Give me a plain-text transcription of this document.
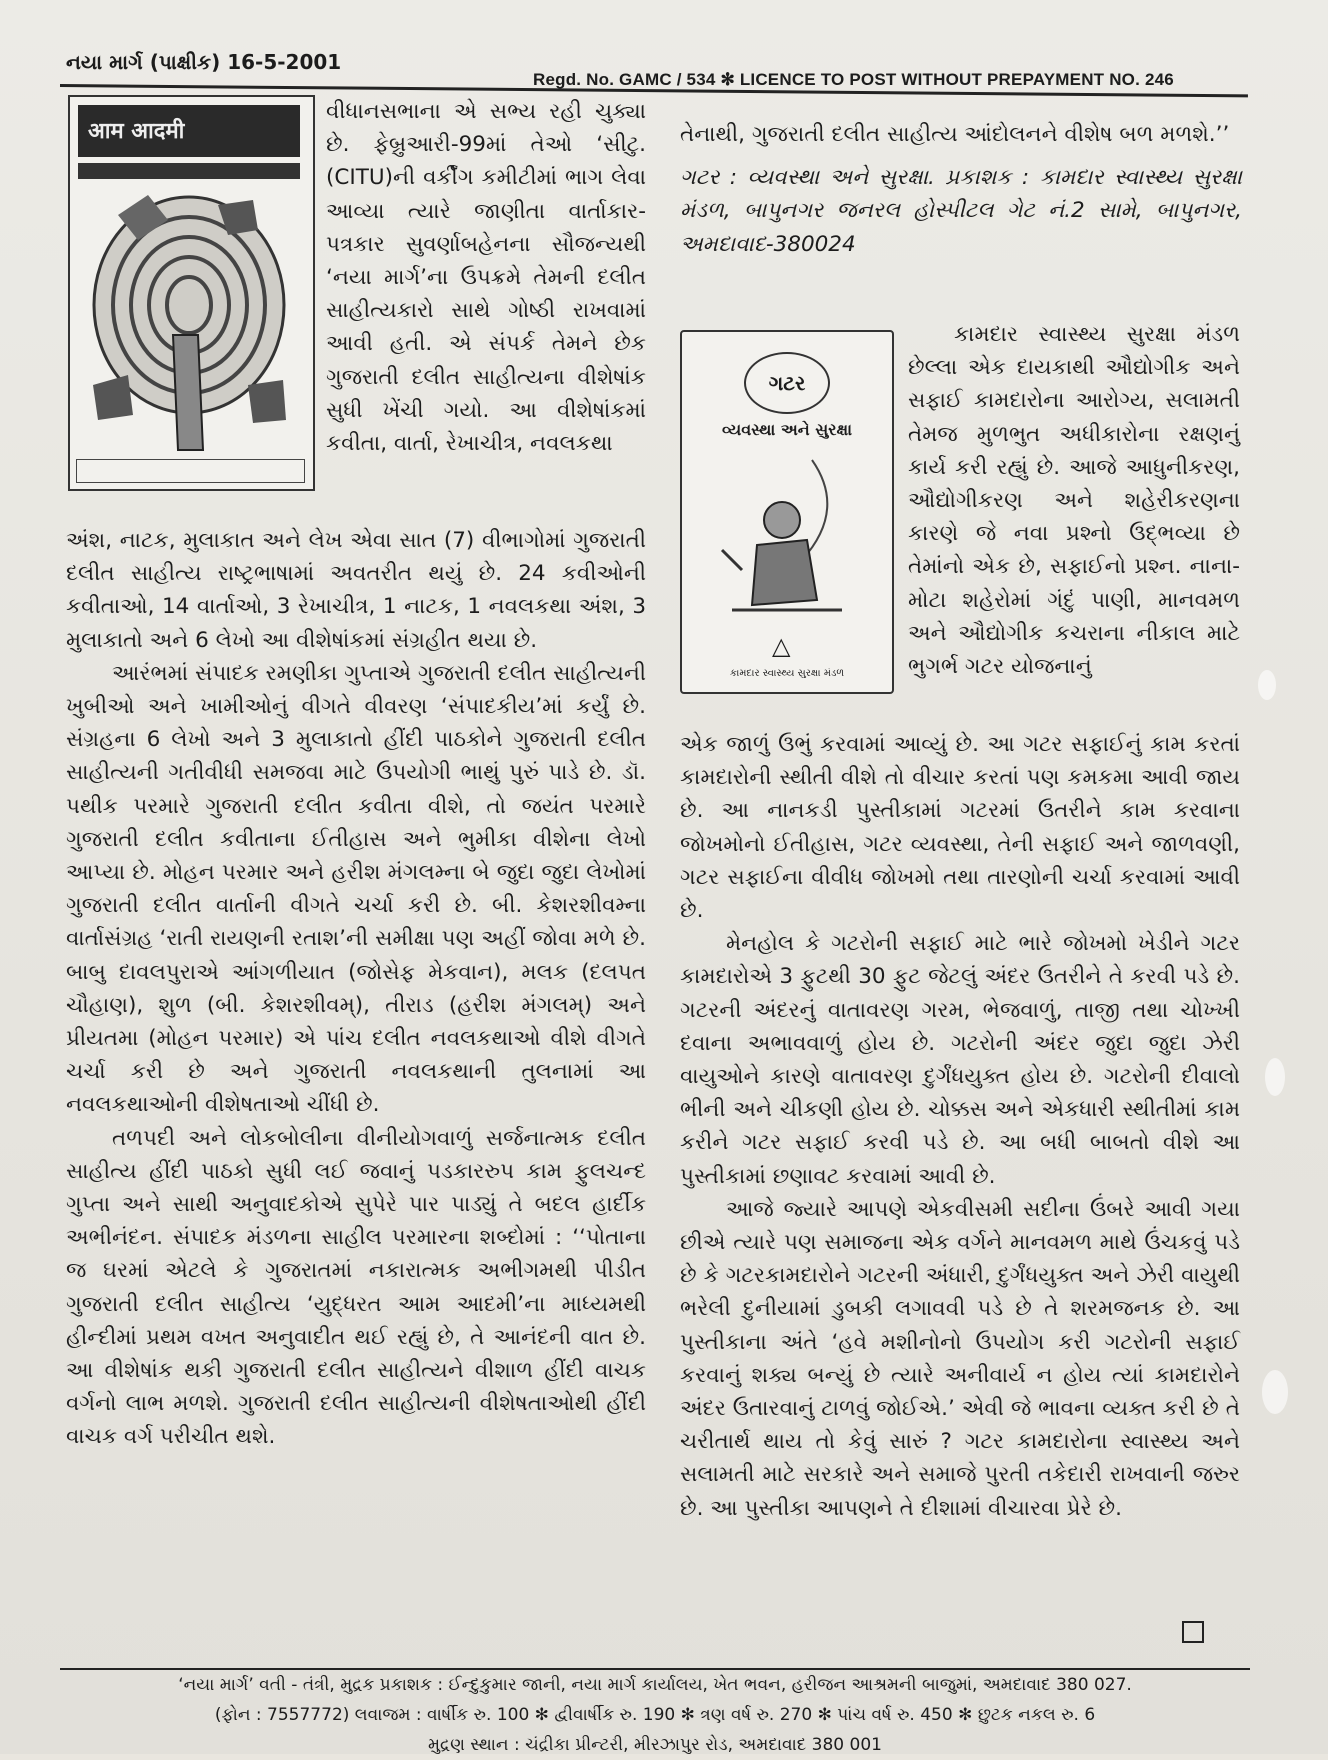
નયા માર્ગ (પાક્ષીક) 16-5-2001
Regd. No. GAMC / 534 ✻ LICENCE TO POST WITHOUT PREPAYMENT NO. 246
आम आदमी

વીધાનસભાના એ સભ્ય રહી ચુક્યા છે. ફેબ્રુઆરી-99માં તેઓ ‘સીટુ. (CITU)ની વર્કીંગ કમીટીમાં ભાગ લેવા આવ્યા ત્યારે જાણીતા વાર્તાકાર-પત્રકાર સુવર્ણાબહેનના સૌજન્યથી ‘નયા માર્ગ’ના ઉપક્રમે તેમની દલીત સાહીત્યકારો સાથે ગોષ્ઠી રાખવામાં આવી હતી. એ સંપર્ક તેમને છેક ગુજરાતી દલીત સાહીત્યના વીશેષાંક સુધી ખેંચી ગયો. આ વીશેષાંકમાં કવીતા, વાર્તા, રેખાચીત્ર, નવલકથા

અંશ, નાટક, મુલાકાત અને લેખ એવા સાત (7) વીભાગોમાં ગુજરાતી દલીત સાહીત્ય રાષ્ટ્રભાષામાં અવતરીત થયું છે. 24 કવીઓની કવીતાઓ, 14 વાર્તાઓ, 3 રેખાચીત્ર, 1 નાટક, 1 નવલકથા અંશ, 3 મુલાકાતો અને 6 લેખો આ વીશેષાંકમાં સંગ્રહીત થયા છે.

આરંભમાં સંપાદક રમણીકા ગુપ્તાએ ગુજરાતી દલીત સાહીત્યની ખુબીઓ અને ખામીઓનું વીગતે વીવરણ ‘સંપાદકીય’માં કર્યું છે. સંગ્રહના 6 લેખો અને 3 મુલાકાતો હીંદી પાઠકોને ગુજરાતી દલીત સાહીત્યની ગતીવીધી સમજવા માટે ઉપયોગી ભાથું પુરું પાડે છે. ડૉ. પથીક પરમારે ગુજરાતી દલીત કવીતા વીશે, તો જયંત પરમારે ગુજરાતી દલીત કવીતાના ઈતીહાસ અને ભુમીકા વીશેના લેખો આપ્યા છે. મોહન પરમાર અને હરીશ મંગલમ્ના બે જુદા જુદા લેખોમાં ગુજરાતી દલીત વાર્તાની વીગતે ચર્ચા કરી છે. બી. કેશરશીવમ્ના વાર્તાસંગ્રહ ‘રાતી રાયણની રતાશ’ની સમીક્ષા પણ અહીં જોવા મળે છે. બાબુ દાવલપુરાએ આંગળીયાત (જોસેફ મેકવાન), મલક (દલપત ચૌહાણ), શુળ (બી. કેશરશીવમ્), તીરાડ (હરીશ મંગલમ્) અને પ્રીયતમા (મોહન પરમાર) એ પાંચ દલીત નવલકથાઓ વીશે વીગતે ચર્ચા કરી છે અને ગુજરાતી નવલકથાની તુલનામાં આ નવલકથાઓની વીશેષતાઓ ચીંધી છે.

તળપદી અને લોકબોલીના વીનીયોગવાળું સર્જનાત્મક દલીત સાહીત્ય હીંદી પાઠકો સુધી લઈ જવાનું પડકારરુપ કામ ફુલચન્દ ગુપ્તા અને સાથી અનુવાદકોએ સુપેરે પાર પાડ્યું તે બદલ હાર્દીક અભીનંદન. સંપાદક મંડળના સાહીલ પરમારના શબ્દોમાં : ‘‘પોતાના જ ઘરમાં એટલે કે ગુજરાતમાં નકારાત્મક અભીગમથી પીડીત ગુજરાતી દલીત સાહીત્ય ‘યુદ્ધરત આમ આદમી’ના માધ્યમથી હીન્દીમાં પ્રથમ વખત અનુવાદીત થઈ રહ્યું છે, તે આનંદની વાત છે. આ વીશેષાંક થકી ગુજરાતી દલીત સાહીત્યને વીશાળ હીંદી વાચક વર્ગનો લાભ મળશે. ગુજરાતી દલીત સાહીત્યની વીશેષતાઓથી હીંદી વાચક વર્ગ પરીચીત થશે.

તેનાથી, ગુજરાતી દલીત સાહીત્ય આંદોલનને વીશેષ બળ મળશે.’’

ગટર : વ્યવસ્થા અને સુરક્ષા. પ્રકાશક : કામદાર સ્વાસ્થ્ય સુરક્ષા મંડળ, બાપુનગર જનરલ હોસ્પીટલ ગેટ નં.2 સામે, બાપુનગર, અમદાવાદ-380024

ગટર
વ્યવસ્થા અને સુરક્ષા
△
કામદાર સ્વાસ્થ્ય સુરક્ષા મંડળ

કામદાર સ્વાસ્થ્ય સુરક્ષા મંડળ છેલ્લા એક દાયકાથી ઔદ્યોગીક અને સફાઈ કામદારોના આરોગ્ય, સલામતી તેમજ મુળભુત અધીકારોના રક્ષણનું કાર્ય કરી રહ્યું છે. આજે આધુનીકરણ, ઔદ્યોગીકરણ અને શહેરીકરણના કારણે જે નવા પ્રશ્નો ઉદ્ભવ્યા છે તેમાંનો એક છે, સફાઈનો પ્રશ્ન. નાના-મોટા શહેરોમાં ગંદું પાણી, માનવમળ અને ઔદ્યોગીક કચરાના નીકાલ માટે ભુગર્ભ ગટર યોજનાનું

એક જાળું ઉભું કરવામાં આવ્યું છે. આ ગટર સફાઈનું કામ કરતાં કામદારોની સ્થીતી વીશે તો વીચાર કરતાં પણ કમકમા આવી જાય છે. આ નાનકડી પુસ્તીકામાં ગટરમાં ઉતરીને કામ કરવાના જોખમોનો ઈતીહાસ, ગટર વ્યવસ્થા, તેની સફાઈ અને જાળવણી, ગટર સફાઈના વીવીધ જોખમો તથા તારણોની ચર્ચા કરવામાં આવી છે.

મેનહોલ કે ગટરોની સફાઈ માટે ભારે જોખમો ખેડીને ગટર કામદારોએ 3 ફુટથી 30 ફુટ જેટલું અંદર ઉતરીને તે કરવી પડે છે. ગટરની અંદરનું વાતાવરણ ગરમ, ભેજવાળું, તાજી તથા ચોખ્ખી દવાના અભાવવાળું હોય છે. ગટરોની અંદર જુદા જુદા ઝેરી વાયુઓને કારણે વાતાવરણ દુર્ગંધયુક્ત હોય છે. ગટરોની દીવાલો ભીની અને ચીકણી હોય છે. ચોક્કસ અને એકધારી સ્થીતીમાં કામ કરીને ગટર સફાઈ કરવી પડે છે. આ બધી બાબતો વીશે આ પુસ્તીકામાં છણાવટ કરવામાં આવી છે.

આજે જ્યારે આપણે એકવીસમી સદીના ઉંબરે આવી ગયા છીએ ત્યારે પણ સમાજના એક વર્ગને માનવમળ માથે ઉંચકવું પડે છે કે ગટરકામદારોને ગટરની અંધારી, દુર્ગંધયુક્ત અને ઝેરી વાયુથી ભરેલી દુનીયામાં ડુબકી લગાવવી પડે છે તે શરમજનક છે. આ પુસ્તીકાના અંતે ‘હવે મશીનોનો ઉપયોગ કરી ગટરોની સફાઈ કરવાનું શક્ય બન્યું છે ત્યારે અનીવાર્ય ન હોય ત્યાં કામદારોને અંદર ઉતારવાનું ટાળવું જોઈએ.’ એવી જે ભાવના વ્યક્ત કરી છે તે ચરીતાર્થ થાય તો કેવું સારું ? ગટર કામદારોના સ્વાસ્થ્ય અને સલામતી માટે સરકારે અને સમાજે પુરતી તકેદારી રાખવાની જરુર છે. આ પુસ્તીકા આપણને તે દીશામાં વીચારવા પ્રેરે છે.

‘નયા માર્ગ’ વતી - તંત્રી, મુદ્રક પ્રકાશક : ઈન્દુકુમાર જાની, નયા માર્ગ કાર્યાલય, ખેત ભવન, હરીજન આશ્રમની બાજુમાં, અમદાવાદ 380 027.
(ફોન : 7557772) લવાજમ : વાર્ષીક રુ. 100 ✻ દ્વીવાર્ષીક રુ. 190 ✻ ત્રણ વર્ષ રુ. 270 ✻ પાંચ વર્ષ રુ. 450 ✻ છુટક નકલ રુ. 6
મુદ્રણ સ્થાન : ચંદ્રીકા પ્રીન્ટરી, મીરઝાપુર રોડ, અમદાવાદ 380 001
